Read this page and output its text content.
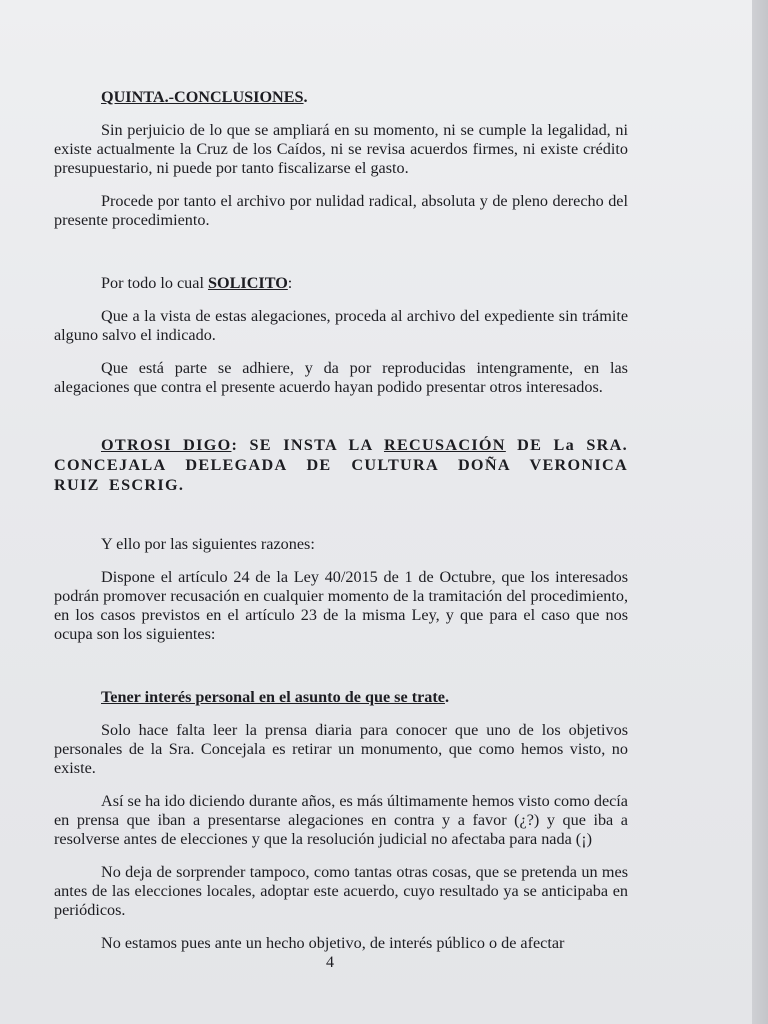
QUINTA.-CONCLUSIONES.

Sin perjuicio de lo que se ampliará en su momento, ni se cumple la legalidad, ni existe actualmente la Cruz de los Caídos, ni se revisa acuerdos firmes, ni existe crédito presupuestario, ni puede por tanto fiscalizarse el gasto.

Procede por tanto el archivo por nulidad radical, absoluta y de pleno derecho del presente procedimiento.

Por todo lo cual SOLICITO:

Que a la vista de estas alegaciones, proceda al archivo del expediente sin trámite alguno salvo el indicado.

Que está parte se adhiere, y da por reproducidas intengramente, en las alegaciones que contra el presente acuerdo hayan podido presentar otros interesados.

OTROSI DIGO: SE INSTA LA RECUSACIÓN DE La SRA. CONCEJALA DELEGADA DE CULTURA DOÑA VERONICA RUIZ ESCRIG.

Y ello por las siguientes razones:

Dispone el artículo 24 de la Ley 40/2015 de 1 de Octubre, que los interesados podrán promover recusación en cualquier momento de la tramitación del procedimiento, en los casos previstos en el artículo 23 de la misma Ley, y que para el caso que nos ocupa son los siguientes:

Tener interés personal en el asunto de que se trate.

Solo hace falta leer la prensa diaria para conocer que uno de los objetivos personales de la Sra. Concejala es retirar un monumento, que como hemos visto, no existe.

Así se ha ido diciendo durante años, es más últimamente hemos visto como decía en prensa que iban a presentarse alegaciones en contra y a favor (¿?) y que iba a resolverse antes de elecciones y que la resolución judicial no afectaba para nada (¡)

No deja de sorprender tampoco, como tantas otras cosas, que se pretenda un mes antes de las elecciones locales, adoptar este acuerdo, cuyo resultado ya se anticipaba en periódicos.

No estamos pues ante un hecho objetivo, de interés público o de afectar

4
